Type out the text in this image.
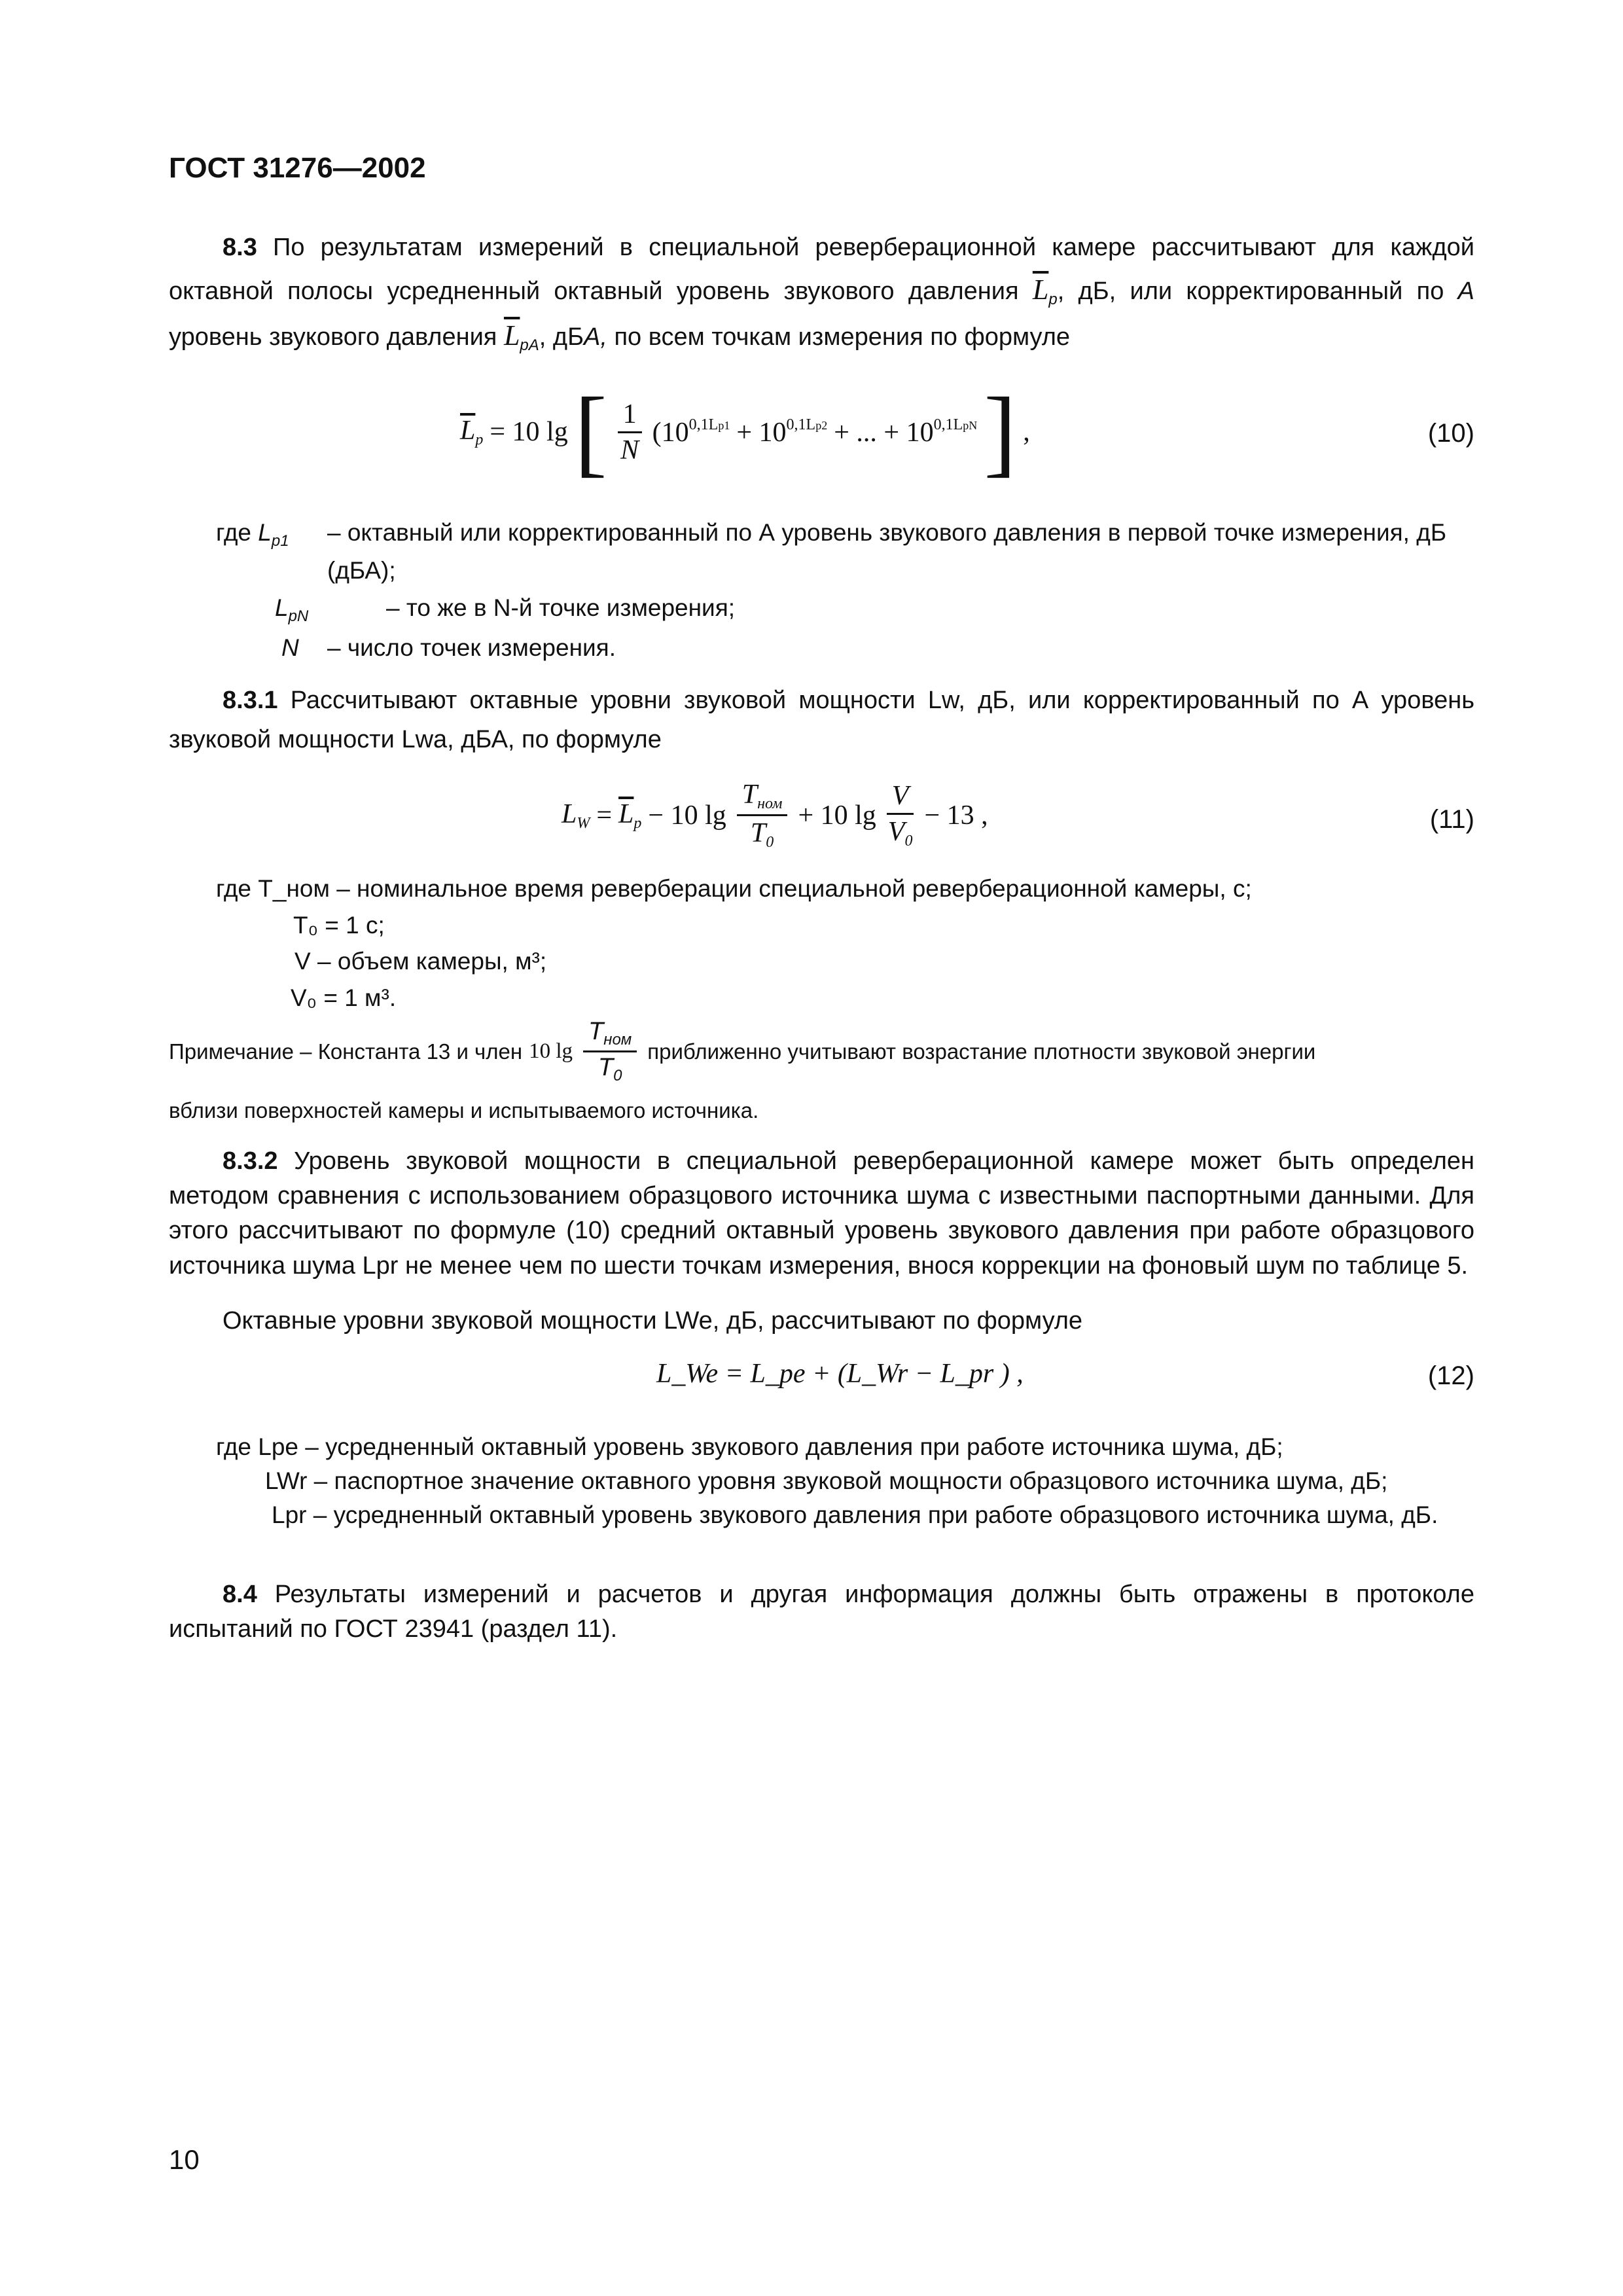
ГОСТ 31276—2002
8.3 По результатам измерений в специальной реверберационной камере рассчитывают для каждой октавной полосы усредненный октавный уровень звукового давления $\overline{L}_p$, дБ, или корректированный по А уровень звукового давления $\overline{L}_{pA}$, дБА, по всем точкам измерения по формуле
$\overline{L}_p = 10$ lg [ $\frac{1}{N} (10^{0,1Lp1} + 10^{0,1Lp2}$ + ... + $10^{0,1LpN}$ ] ,	(10)
где $L_{p1}$	– октавный или корректированный по А уровень звукового давления в первой точке измерения, дБ (дБА);
$L_{pN}$	– то же в N-й точке измерения;
N	– число точек измерения.
8.3.1 Рассчитывают октавные уровни звуковой мощности Lw, дБ, или корректированный по А уровень звуковой мощности Lwa, дБА, по формуле
$L_W = \overline{L}_p - 10$ $\lg \frac{T_{ном}}{T_0} + 10$ $\lg \frac{V}{V_0} - 13$ ,	(11)
где T_ном – номинальное время реверберации специальной реверберационной камеры, с;
T₀ = 1 с;
V – объем камеры, м³;
V₀ = 1 м³.
Примечание – Константа 13 и член 10 $\lg \frac{T_{ном}}{T_0}$ приближенно учитывают возрастание плотности звуковой энергии
вблизи поверхностей камеры и испытываемого источника.
8.3.2 Уровень звуковой мощности в специальной реверберационной камере может быть определен методом сравнения с использованием образцового источника шума с известными паспортными данными. Для этого рассчитывают по формуле (10) средний октавный уровень звукового давления при работе образцового источника шума Lpr не менее чем по шести точкам измерения, внося коррекции на фоновый шум по таблице 5.
Октавные уровни звуковой мощности LWe, дБ, рассчитывают по формуле
L_We = L_pe + (L_Wr − L_pr ) ,	(12)
где Lpe – усредненный октавный уровень звукового давления при работе источника шума, дБ;
LWr – паспортное значение октавного уровня звуковой мощности образцового источника шума, дБ;
Lpr – усредненный октавный уровень звукового давления при работе образцового источника шума, дБ.
8.4 Результаты измерений и расчетов и другая информация должны быть отражены в протоколе испытаний по ГОСТ 23941 (раздел 11).
10
